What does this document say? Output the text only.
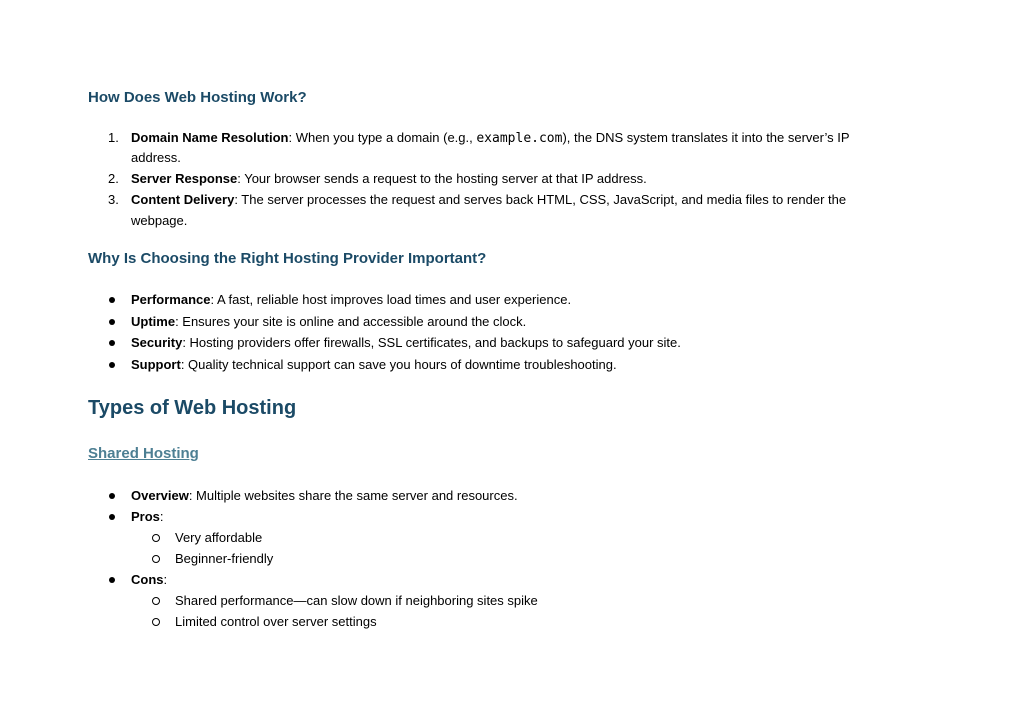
How Does Web Hosting Work?
1. Domain Name Resolution: When you type a domain (e.g., example.com), the DNS system translates it into the server’s IP
address.
2. Server Response: Your browser sends a request to the hosting server at that IP address.
3. Content Delivery: The server processes the request and serves back HTML, CSS, JavaScript, and media files to render the
webpage.
Why Is Choosing the Right Hosting Provider Important?
Performance: A fast, reliable host improves load times and user experience.
Uptime: Ensures your site is online and accessible around the clock.
Security: Hosting providers offer firewalls, SSL certificates, and backups to safeguard your site.
Support: Quality technical support can save you hours of downtime troubleshooting.
Types of Web Hosting
Shared Hosting
Overview: Multiple websites share the same server and resources.
Pros:
Very affordable
Beginner-friendly
Cons:
Shared performance—can slow down if neighboring sites spike
Limited control over server settings
